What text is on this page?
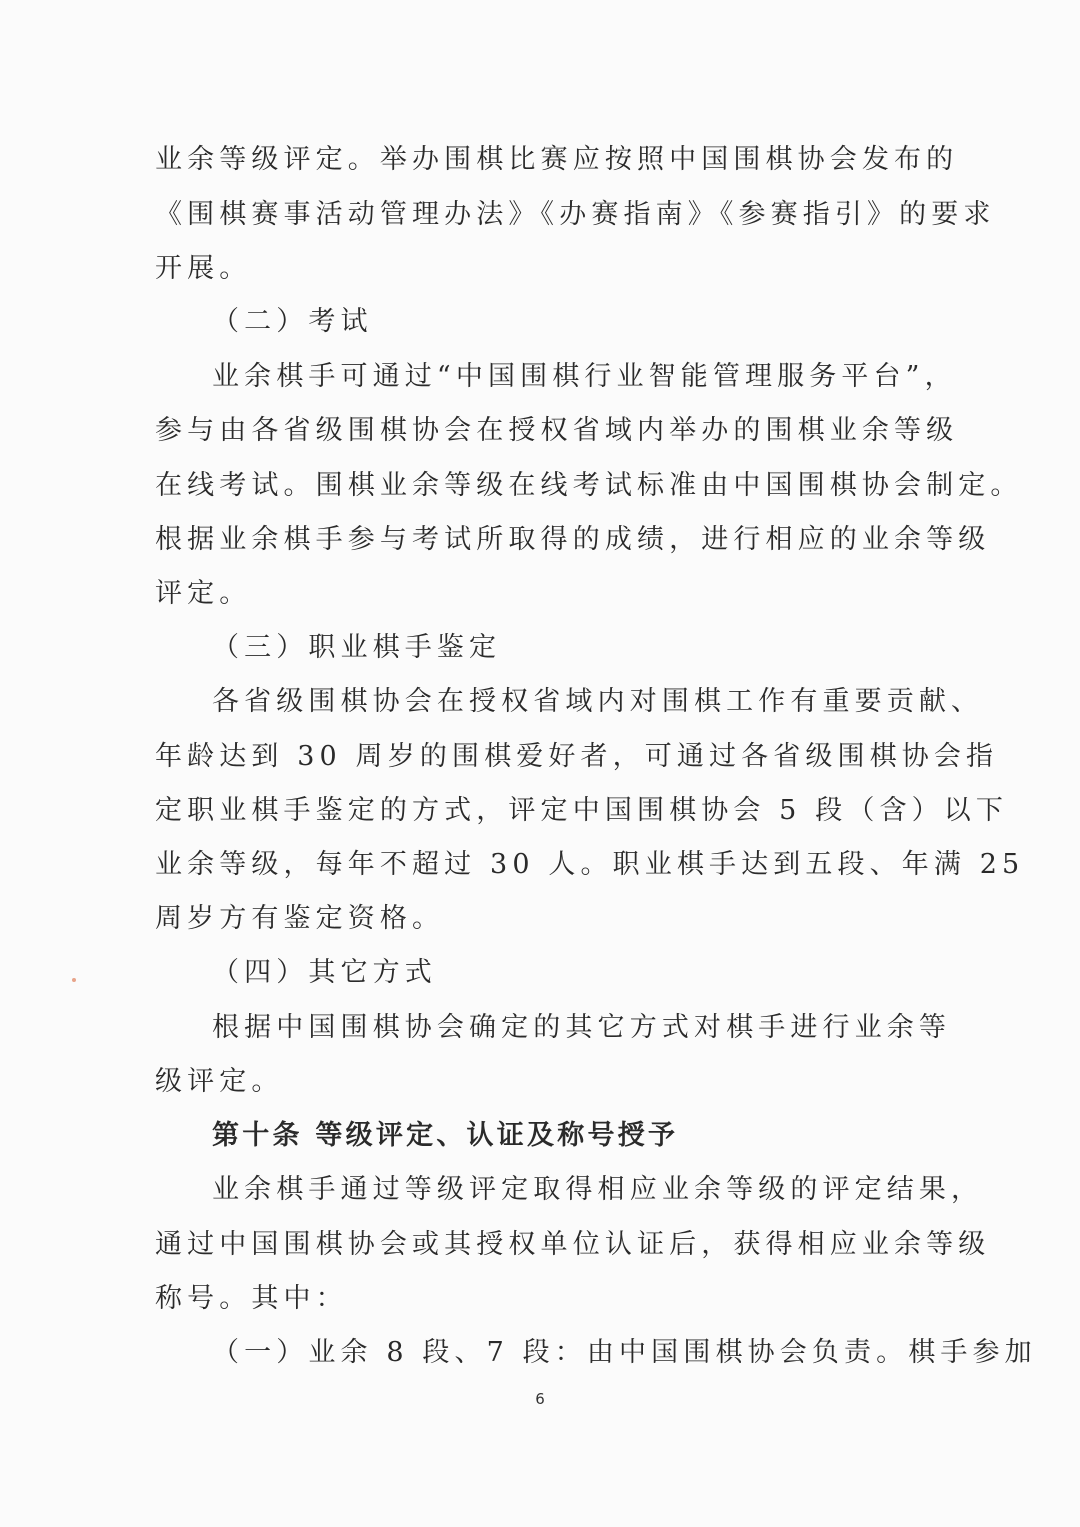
业余等级评定。举办围棋比赛应按照中国围棋协会发布的
《围棋赛事活动管理办法》《办赛指南》《参赛指引》的要求
开展。
（二）考试
业余棋手可通过“中国围棋行业智能管理服务平台”，
参与由各省级围棋协会在授权省域内举办的围棋业余等级
在线考试。围棋业余等级在线考试标准由中国围棋协会制定。
根据业余棋手参与考试所取得的成绩，进行相应的业余等级
评定。
（三）职业棋手鉴定
各省级围棋协会在授权省域内对围棋工作有重要贡献、
年龄达到 30 周岁的围棋爱好者，可通过各省级围棋协会指
定职业棋手鉴定的方式，评定中国围棋协会 5 段（含）以下
业余等级，每年不超过 30 人。职业棋手达到五段、年满 25
周岁方有鉴定资格。
（四）其它方式
根据中国围棋协会确定的其它方式对棋手进行业余等
级评定。
第十条 等级评定、认证及称号授予
业余棋手通过等级评定取得相应业余等级的评定结果，
通过中国围棋协会或其授权单位认证后，获得相应业余等级
称号。其中：
（一）业余 8 段、7 段：由中国围棋协会负责。棋手参加
6
